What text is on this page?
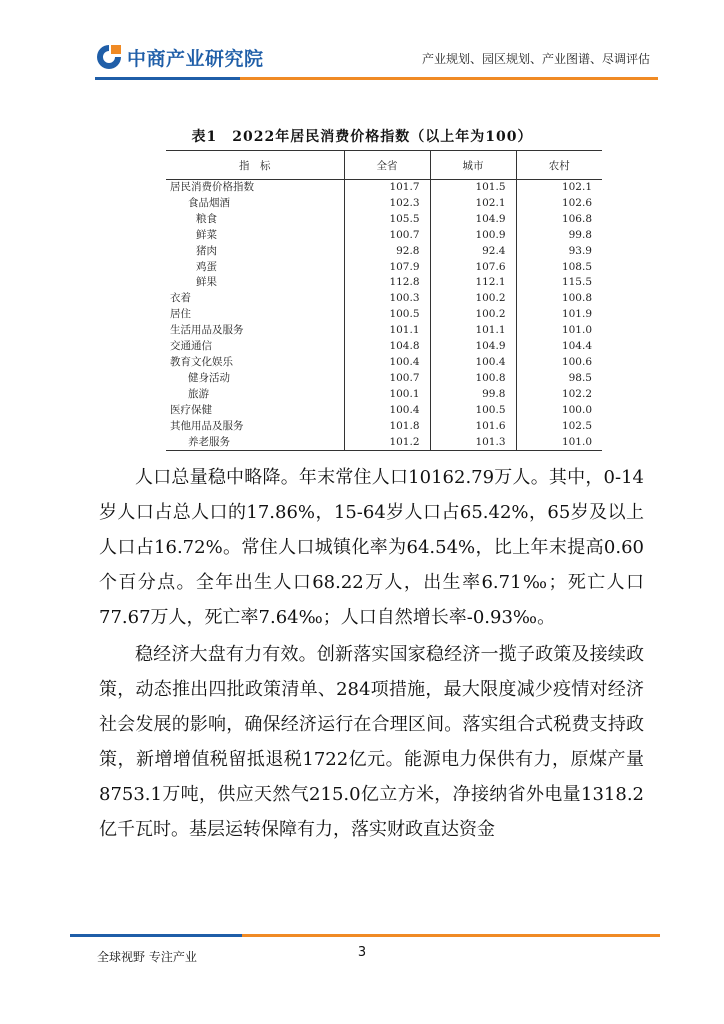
中商产业研究院	产业规划、园区规划、产业图谱、尽调评估
表1　2022年居民消费价格指数（以上年为100）
指　标	全省	城市	农村
居民消费价格指数	101.7	101.5	102.1
食品烟酒	102.3	102.1	102.6
粮食	105.5	104.9	106.8
鲜菜	100.7	100.9	99.8
猪肉	92.8	92.4	93.9
鸡蛋	107.9	107.6	108.5
鲜果	112.8	112.1	115.5
衣着	100.3	100.2	100.8
居住	100.5	100.2	101.9
生活用品及服务	101.1	101.1	101.0
交通通信	104.8	104.9	104.4
教育文化娱乐	100.4	100.4	100.6
健身活动	100.7	100.8	98.5
旅游	100.1	99.8	102.2
医疗保健	100.4	100.5	100.0
其他用品及服务	101.8	101.6	102.5
养老服务	101.2	101.3	101.0

人口总量稳中略降。年末常住人口10162.79万人。其中，0-14岁人口占总人口的17.86%，15-64岁人口占65.42%，65岁及以上人口占16.72%。常住人口城镇化率为64.54%，比上年末提高0.60个百分点。全年出生人口68.22万人，出生率6.71‰；死亡人口77.67万人，死亡率7.64‰；人口自然增长率-0.93‰。

稳经济大盘有力有效。创新落实国家稳经济一揽子政策及接续政策，动态推出四批政策清单、284项措施，最大限度减少疫情对经济社会发展的影响，确保经济运行在合理区间。落实组合式税费支持政策，新增增值税留抵退税1722亿元。能源电力保供有力，原煤产量8753.1万吨，供应天然气215.0亿立方米，净接纳省外电量1318.2亿千瓦时。基层运转保障有力，落实财政直达资金

全球视野 专注产业	3
